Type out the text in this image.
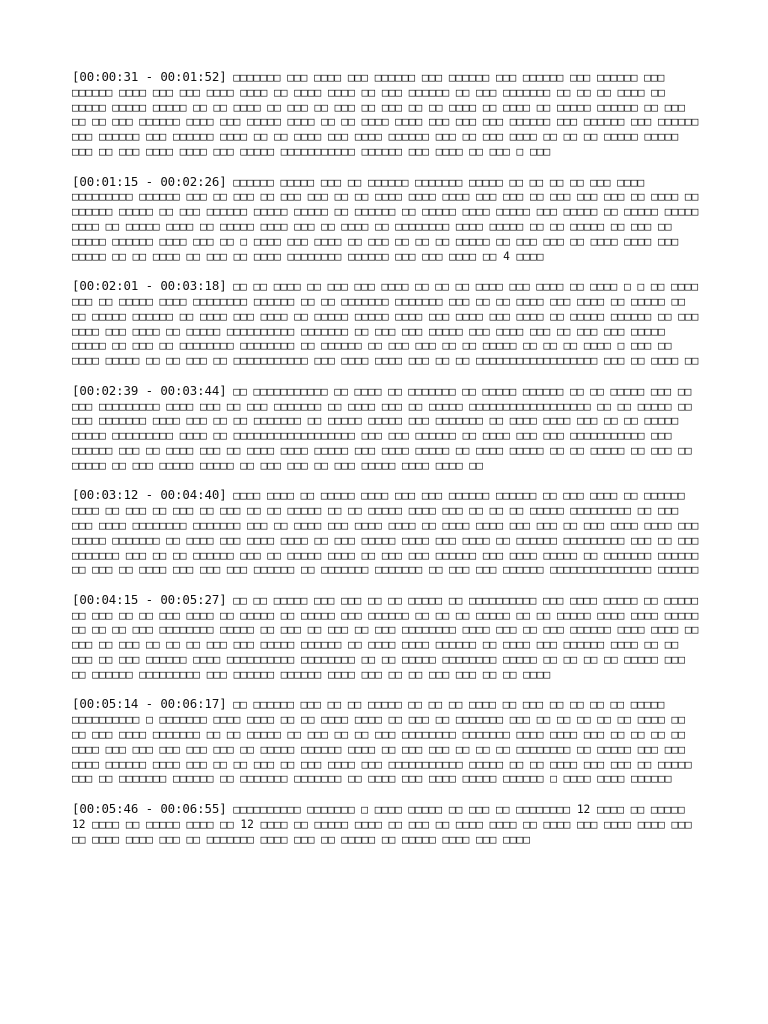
[00:00:31 - 00:01:52] □□□□□□□ □□□ □□□□ □□□ □□□□□□ □□□ □□□□□□ □□□ □□□□□□ □□□ □□□□□□ □□□ □□□□□□ □□□□ □□□ □□□ □□□□ □□□□ □□ □□□□ □□□□ □□ □□□ □□□□□□ □□ □□□ □□□□□□□ □□ □□ □□ □□□□ □□ □□□□□ □□□□□ □□□□□ □□ □□ □□□□ □□ □□□ □□ □□□ □□ □□□ □□ □□ □□□□ □□ □□□□ □□ □□□□□ □□□□□□ □□ □□□ □□ □□ □□□ □□□□□□ □□□□ □□□ □□□□□ □□□□ □□ □□ □□□□ □□□□ □□□ □□□ □□□ □□□□□□ □□□ □□□□□□ □□□ □□□□□□ □□□ □□□□□□ □□□ □□□□□□ □□□□ □□ □□ □□□□ □□□ □□□□ □□□□□□ □□□ □□ □□□ □□□□ □□ □□ □□ □□□□□ □□□□□ □□□ □□ □□□ □□□□ □□□□ □□□ □□□□□ □□□□□□□□□□□ □□□□□□ □□□ □□□□ □□ □□□ □ □□□

[00:01:15 - 00:02:26] □□□□□□ □□□□□ □□□ □□ □□□□□□ □□□□□□□ □□□□□ □□ □□ □□ □□ □□□ □□□□ □□□□□□□□□ □□□□□□ □□□ □□ □□□ □□ □□□ □□□ □□ □□ □□□□ □□□□ □□□□ □□□ □□□ □□ □□□ □□□ □□□ □□ □□□□ □□ □□□□□□ □□□□□ □□ □□□ □□□□□□ □□□□□ □□□□□ □□ □□□□□□ □□ □□□□□ □□□□ □□□□□ □□□ □□□□□ □□ □□□□□ □□□□□ □□□□ □□ □□□□□ □□□□ □□ □□□□□ □□□□ □□□ □□ □□□□ □□ □□□□□□□□ □□□□ □□□□□ □□ □□ □□□□□ □□ □□□ □□ □□□□□ □□□□□□ □□□□ □□□ □□ □ □□□□ □□□ □□□□ □□ □□□ □□ □□ □□ □□□□□ □□ □□□ □□□ □□ □□□□ □□□□ □□□ □□□□□ □□ □□ □□□□ □□ □□□ □□ □□□□ □□□□□□□□ □□□□□□ □□□ □□□ □□□□ □□ 4 □□□□

[00:02:01 - 00:03:18] □□ □□ □□□□ □□ □□□ □□□ □□□□ □□ □□ □□ □□□□ □□□ □□□□ □□ □□□□ □ □ □□ □□□□ □□□ □□ □□□□□ □□□□ □□□□□□□□ □□□□□□ □□ □□ □□□□□□□ □□□□□□□ □□□ □□ □□ □□□□ □□□ □□□□ □□ □□□□□ □□ □□ □□□□□ □□□□□□ □□ □□□□ □□□ □□□□ □□ □□□□□ □□□□□ □□□□ □□□ □□□□ □□□ □□□□ □□ □□□□□ □□□□□□ □□ □□□ □□□□ □□□ □□□□ □□ □□□□□ □□□□□□□□□□ □□□□□□□ □□ □□□ □□□ □□□□□ □□□ □□□□ □□□ □□ □□□ □□□ □□□□□ □□□□□ □□ □□□ □□ □□□□□□□□ □□□□□□□□ □□ □□□□□□ □□ □□□ □□□ □□ □□ □□□□□ □□ □□ □□ □□□□ □ □□□ □□ □□□□ □□□□□ □□ □□ □□□ □□ □□□□□□□□□□□ □□□ □□□□ □□□□ □□□ □□ □□ □□□□□□□□□□□□□□□□□□ □□□ □□ □□□□ □□

[00:02:39 - 00:03:44] □□ □□□□□□□□□□□ □□ □□□□ □□ □□□□□□□ □□ □□□□□ □□□□□□ □□ □□ □□□□□ □□□ □□ □□□ □□□□□□□□□ □□□□ □□□ □□ □□□ □□□□□□□ □□ □□□□ □□□ □□ □□□□□ □□□□□□□□□□□□□□□□□□ □□ □□ □□□□□ □□ □□□ □□□□□□□ □□□□ □□□ □□ □□ □□□□□□□ □□ □□□□□ □□□□□ □□□ □□□□□□□ □□ □□□□ □□□□ □□□ □□ □□ □□□□□ □□□□□ □□□□□□□□□ □□□□ □□ □□□□□□□□□□□□□□□□□□ □□□ □□□ □□□□□□ □□ □□□□ □□□ □□□ □□□□□□□□□□□ □□□ □□□□□□ □□□ □□ □□□□ □□□ □□ □□□□ □□□□ □□□□□ □□□ □□□□ □□□□□ □□ □□□□ □□□□□ □□ □□ □□□□□ □□ □□□ □□ □□□□□ □□ □□□ □□□□□ □□□□□ □□ □□□ □□□ □□ □□□ □□□□□ □□□□ □□□□ □□

[00:03:12 - 00:04:40] □□□□ □□□□ □□ □□□□□ □□□□ □□□ □□□ □□□□□□ □□□□□□ □□ □□□ □□□□ □□ □□□□□□ □□□□ □□ □□□ □□ □□□ □□ □□□ □□ □□ □□□□□ □□ □□ □□□□□ □□□□ □□□ □□ □□ □□ □□□□□ □□□□□□□□□ □□ □□□ □□□ □□□□ □□□□□□□□ □□□□□□□ □□□ □□ □□□□ □□□ □□□□ □□□□ □□ □□□□ □□□□ □□□ □□□ □□ □□□ □□□□ □□□□ □□□ □□□□□ □□□□□□□ □□ □□□□ □□□ □□□□ □□□□ □□ □□□ □□□□□ □□□□ □□□ □□□□ □□ □□□□□□ □□□□□□□□□ □□□ □□ □□□ □□□□□□□ □□□ □□ □□ □□□□□□ □□□ □□ □□□□□ □□□□ □□ □□□ □□□ □□□□□□ □□□ □□□□ □□□□□ □□ □□□□□□□ □□□□□□ □□ □□□ □□ □□□□ □□□ □□□ □□□ □□□□□□ □□ □□□□□□□ □□□□□□□ □□ □□□ □□□ □□□□□□ □□□□□□□□□□□□□□□ □□□□□□

[00:04:15 - 00:05:27] □□ □□ □□□□□ □□□ □□□ □□ □□ □□□□□ □□ □□□□□□□□□□ □□□ □□□□ □□□□□ □□ □□□□□ □□ □□□ □□ □□ □□□ □□□□ □□ □□□□□ □□ □□□□□ □□□ □□□□□□ □□ □□ □□ □□□□□ □□ □□ □□□□□ □□□□ □□□□ □□□□□ □□ □□ □□ □□□ □□□□□□□□ □□□□□ □□ □□□ □□ □□□ □□ □□□ □□□□□□□□ □□□□ □□□ □□ □□□ □□□□□□ □□□□ □□□□ □□ □□□ □□ □□□ □□ □□ □□ □□□ □□□ □□□□□ □□□□□□ □□ □□□□ □□□□ □□□□□□ □□ □□□□ □□□ □□□□□□ □□□□ □□ □□ □□□ □□ □□□ □□□□□□ □□□□ □□□□□□□□□□ □□□□□□□□ □□ □□ □□□□□ □□□□□□□□ □□□□□ □□ □□ □□ □□ □□□□□ □□□ □□ □□□□□□ □□□□□□□□□ □□□ □□□□□□ □□□□□□ □□□□ □□□ □□ □□ □□□ □□□ □□ □□ □□□□

[00:05:14 - 00:06:17] □□ □□□□□□ □□□ □□ □□ □□□□□ □□ □□ □□ □□□□ □□ □□□ □□ □□ □□ □□ □□□□□ □□□□□□□□□□ □ □□□□□□□ □□□□ □□□□ □□ □□ □□□□ □□□□ □□ □□□ □□ □□□□□□□ □□□ □□ □□ □□ □□ □□ □□□□ □□ □□ □□□ □□□□ □□□□□□□ □□ □□ □□□□□ □□ □□□ □□ □□ □□□ □□□□□□□□ □□□□□□□ □□□□ □□□□ □□□ □□ □□ □□ □□ □□□□ □□□ □□□ □□□ □□□ □□□ □□ □□□□□ □□□□□□ □□□□ □□ □□□ □□□ □□ □□ □□ □□□□□□□□ □□ □□□□□ □□□ □□□ □□□□ □□□□□□ □□□□ □□□ □□ □□ □□□ □□ □□□ □□□□ □□□ □□□□□□□□□□□ □□□□□ □□ □□ □□□□ □□□ □□□ □□ □□□□□ □□□ □□ □□□□□□□ □□□□□□ □□ □□□□□□□ □□□□□□□ □□ □□□□ □□□ □□□□ □□□□□ □□□□□□ □ □□□□ □□□□ □□□□□□

[00:05:46 - 00:06:55] □□□□□□□□□□ □□□□□□□ □ □□□□ □□□□□ □□ □□□ □□ □□□□□□□□ 12 □□□□ □□ □□□□□ 12 □□□□ □□ □□□□□ □□□□ □□ 12 □□□□ □□ □□□□□ □□□□ □□ □□□ □□ □□□□ □□□□ □□ □□□□ □□□ □□□□ □□□□ □□□ □□ □□□□ □□□□ □□□ □□ □□□□□□□ □□□□ □□□ □□ □□□□□ □□ □□□□□ □□□□ □□□ □□□□
